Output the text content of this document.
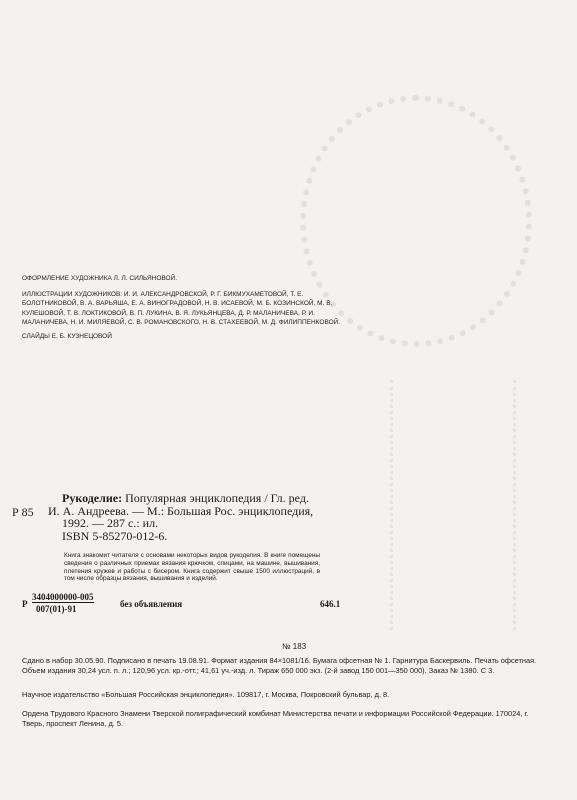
ОФОРМЛЕНИЕ ХУДОЖНИКА Л. Л. СИЛЬЯНОВОЙ.

ИЛЛЮСТРАЦИИ ХУДОЖНИКОВ: И. И. АЛЕКСАНДРОВСКОЙ, Р. Г. БИКМУХАМЕТОВОЙ, Т. Е. БОЛОТНИКОВОЙ, В. А. ВАРЬЯША, Е. А. ВИНОГРАДОВОЙ, Н. В. ИСАЕВОЙ, М. Б. КОЗИНСКОЙ, М. В. КУЛЕШОВОЙ, Т. В. ЛОКТИКОВОЙ, В. П. ЛУКИНА, В. Я. ЛУКЬЯНЦЕВА, Д. Р. МАЛАНИЧЕВА, Р. И. МАЛАНИЧЕВА, Н. И. МИЛЯЕВОЙ, С. В. РОМАНОВСКОГО, Н. В. СТАХЕЕВОЙ, М. Д. ФИЛИППЕНКОВОЙ.

СЛАЙДЫ Е. Б. КУЗНЕЦОВОЙ

Р 85
Рукоделие: Популярная энциклопедия / Гл. ред.
И. А. Андреева. — М.: Большая Рос. энциклопедия,
1992. — 287 с.: ил.
ISBN 5-85270-012-6.

Книга знакомит читателя с основами некоторых видов рукоделия. В книге помещены сведения о различных приемах вязания крючком, спицами, на машине, вышивания, плетения кружев и работы с бисером. Книга содержит свыше 1500 иллюстраций, в том числе образцы вязания, вышивания и изделий.

Р
3404000000-005
007(01)-91	без объявления	646.1
№ 183

Сдано в набор 30.05.90. Подписано в печать 19.08.91. Формат издания 84×1081/16. Бумага офсетная № 1. Гарнитура Баскервиль. Печать офсетная. Объем издания 30,24 усл. п. л.; 120,96 усл. кр.-отт.; 41,61 уч.-изд. л. Тираж 650 000 экз. (2-й завод 150 001—350 000). Заказ № 1380. С 3.

Научное издательство «Большая Российская энциклопедия». 109817, г. Москва, Покровский бульвар, д. 8.

Ордена Трудового Красного Знамени Тверской полиграфический комбинат Министерства печати и информации Российской Федерации. 170024, г. Тверь, проспект Ленина, д. 5.
